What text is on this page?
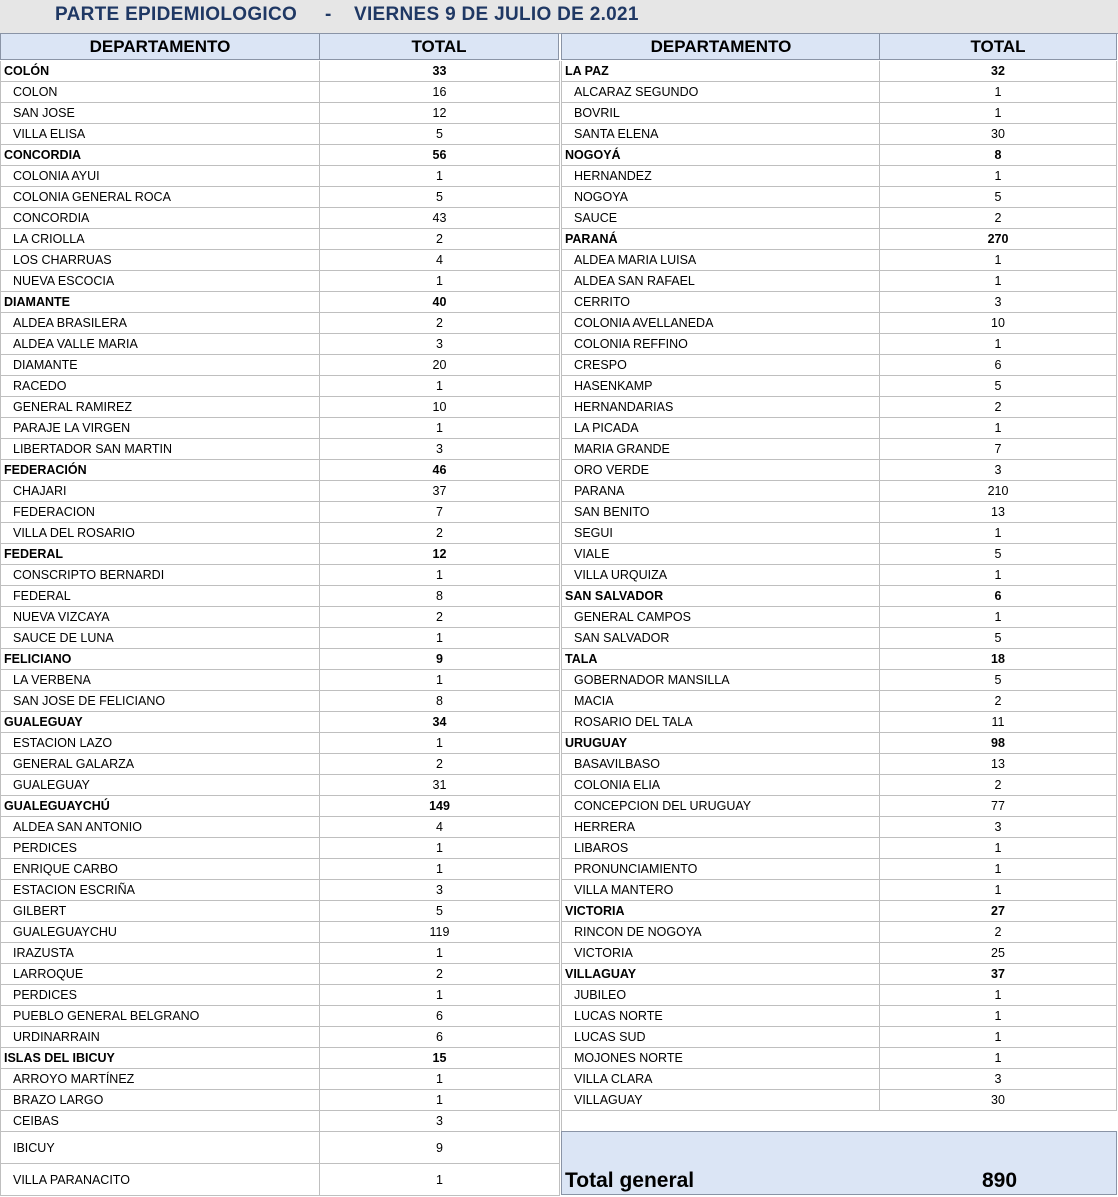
PARTE EPIDEMIOLOGICO - VIERNES 9 DE JULIO DE 2.021
DEPARTAMENTO	TOTAL	DEPARTAMENTO	TOTAL
COLÓN	33
COLON	16
SAN JOSE	12
VILLA ELISA	5
CONCORDIA	56
COLONIA AYUI	1
COLONIA GENERAL ROCA	5
CONCORDIA	43
LA CRIOLLA	2
LOS CHARRUAS	4
NUEVA ESCOCIA	1
DIAMANTE	40
ALDEA BRASILERA	2
ALDEA VALLE MARIA	3
DIAMANTE	20
RACEDO	1
GENERAL RAMIREZ	10
PARAJE LA VIRGEN	1
LIBERTADOR SAN MARTIN	3
FEDERACIÓN	46
CHAJARI	37
FEDERACION	7
VILLA DEL ROSARIO	2
FEDERAL	12
CONSCRIPTO BERNARDI	1
FEDERAL	8
NUEVA VIZCAYA	2
SAUCE DE LUNA	1
FELICIANO	9
LA VERBENA	1
SAN JOSE DE FELICIANO	8
GUALEGUAY	34
ESTACION LAZO	1
GENERAL GALARZA	2
GUALEGUAY	31
GUALEGUAYCHÚ	149
ALDEA SAN ANTONIO	4
PERDICES	1
ENRIQUE CARBO	1
ESTACION ESCRIÑA	3
GILBERT	5
GUALEGUAYCHU	119
IRAZUSTA	1
LARROQUE	2
PERDICES	1
PUEBLO GENERAL BELGRANO	6
URDINARRAIN	6
ISLAS DEL IBICUY	15
ARROYO MARTÍNEZ	1
BRAZO LARGO	1
CEIBAS	3
IBICUY	9
VILLA PARANACITO	1
LA PAZ	32
ALCARAZ SEGUNDO	1
BOVRIL	1
SANTA ELENA	30
NOGOYÁ	8
HERNANDEZ	1
NOGOYA	5
SAUCE	2
PARANÁ	270
ALDEA MARIA LUISA	1
ALDEA SAN RAFAEL	1
CERRITO	3
COLONIA AVELLANEDA	10
COLONIA REFFINO	1
CRESPO	6
HASENKAMP	5
HERNANDARIAS	2
LA PICADA	1
MARIA GRANDE	7
ORO VERDE	3
PARANA	210
SAN BENITO	13
SEGUI	1
VIALE	5
VILLA URQUIZA	1
SAN SALVADOR	6
GENERAL CAMPOS	1
SAN SALVADOR	5
TALA	18
GOBERNADOR MANSILLA	5
MACIA	2
ROSARIO DEL TALA	11
URUGUAY	98
BASAVILBASO	13
COLONIA ELIA	2
CONCEPCION DEL URUGUAY	77
HERRERA	3
LIBAROS	1
PRONUNCIAMIENTO	1
VILLA MANTERO	1
VICTORIA	27
RINCON DE NOGOYA	2
VICTORIA	25
VILLAGUAY	37
JUBILEO	1
LUCAS NORTE	1
LUCAS SUD	1
MOJONES NORTE	1
VILLA CLARA	3
VILLAGUAY	30
Total general	890
